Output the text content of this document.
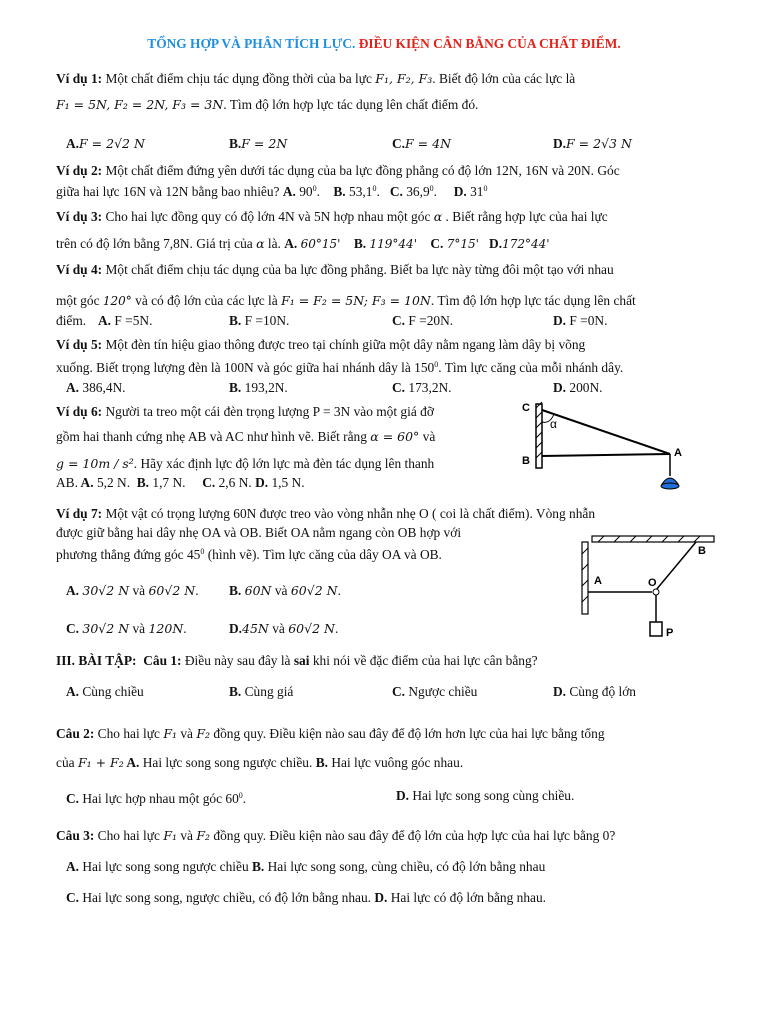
TỔNG HỢP VÀ PHÂN TÍCH LỰC. ĐIỀU KIỆN CÂN BẰNG CỦA CHẤT ĐIỂM.
Ví dụ 1: Một chất điểm chịu tác dụng đồng thời của ba lực F₁, F₂, F₃. Biết độ lớn của các lực là
F₁ = 5N, F₂ = 2N, F₃ = 3N. Tìm độ lớn hợp lực tác dụng lên chất điểm đó.
A.F = 2√2 N	B.F = 2N	C.F = 4N	D.F = 2√3 N
Ví dụ 2: Một chất điểm đứng yên dưới tác dụng của ba lực đồng phẳng có độ lớn 12N, 16N và 20N. Góc
giữa hai lực 16N và 12N bằng bao nhiêu? A. $90^0$.    B. 53,1$^0$.   C. 36,9$^0$.     D. $31^0$
Ví dụ 3: Cho hai lực đồng quy có độ lớn 4N và 5N hợp nhau một góc α . Biết rằng hợp lực của hai lực
trên có độ lớn bằng 7,8N. Giá trị của α là. A. 60°15' B. 119°44' C. 7°15' D.172°44'
Ví dụ 4: Một chất điểm chịu tác dụng của ba lực đồng phẳng. Biết ba lực này từng đôi một tạo với nhau
một góc 120° và có độ lớn của các lực là F₁ = F₂ = 5N; F₃ = 10N. Tìm độ lớn hợp lực tác dụng lên chất
điểm. A. F =5N.	B. F =10N.	C. F =20N.	D. F =0N.
Ví dụ 5: Một đèn tín hiệu giao thông được treo tại chính giữa một dây nằm ngang làm dây bị võng
xuống. Biết trọng lượng đèn là 100N và góc giữa hai nhánh dây là $150^0$. Tìm lực căng của mỗi nhánh dây.
A. 386,4N.	B. 193,2N.	C. 173,2N.	D. 200N.
Ví dụ 6: Người ta treo một cái đèn trọng lượng P = 3N vào một giá đỡ
gồm hai thanh cứng nhẹ AB và AC như hình vẽ. Biết rằng α = 60° và
g = 10m / s². Hãy xác định lực độ lớn lực mà đèn tác dụng lên thanh
AB. A. 5,2 N. B. 1,7 N. C. 2,6 N. D. 1,5 N.
C
α
B
A
Ví dụ 7: Một vật có trọng lượng 60N được treo vào vòng nhẫn nhẹ O ( coi là chất điểm). Vòng nhẫn
được giữ bằng hai dây nhẹ OA và OB. Biết OA nằm ngang còn OB hợp với
phương thẳng đứng góc $45^0$ (hình vẽ). Tìm lực căng của dây OA và OB.
A. 30√2 N và 60√2 N. B. 60N và 60√2 N.
C. 30√2 N và 120N.	D.45N và 60√2 N.
B
A	O
P
III. BÀI TẬP: Câu 1: Điều này sau đây là sai khi nói về đặc điểm của hai lực cân bằng?
A. Cùng chiều	B. Cùng giá	C. Ngược chiều	D. Cùng độ lớn
Câu 2: Cho hai lực F₁ và F₂ đồng quy. Điều kiện nào sau đây để độ lớn hơn lực của hai lực bằng tổng
của F₁ + F₂ A. Hai lực song song ngược chiều. B. Hai lực vuông góc nhau.
C. Hai lực hợp nhau một góc $60^0$.	D. Hai lực song song cùng chiều.
Câu 3: Cho hai lực F₁ và F₂ đồng quy. Điều kiện nào sau đây để độ lớn của hợp lực của hai lực bằng 0?
A. Hai lực song song ngược chiều B. Hai lực song song, cùng chiều, có độ lớn bằng nhau
C. Hai lực song song, ngược chiều, có độ lớn bằng nhau. D. Hai lực có độ lớn bằng nhau.
